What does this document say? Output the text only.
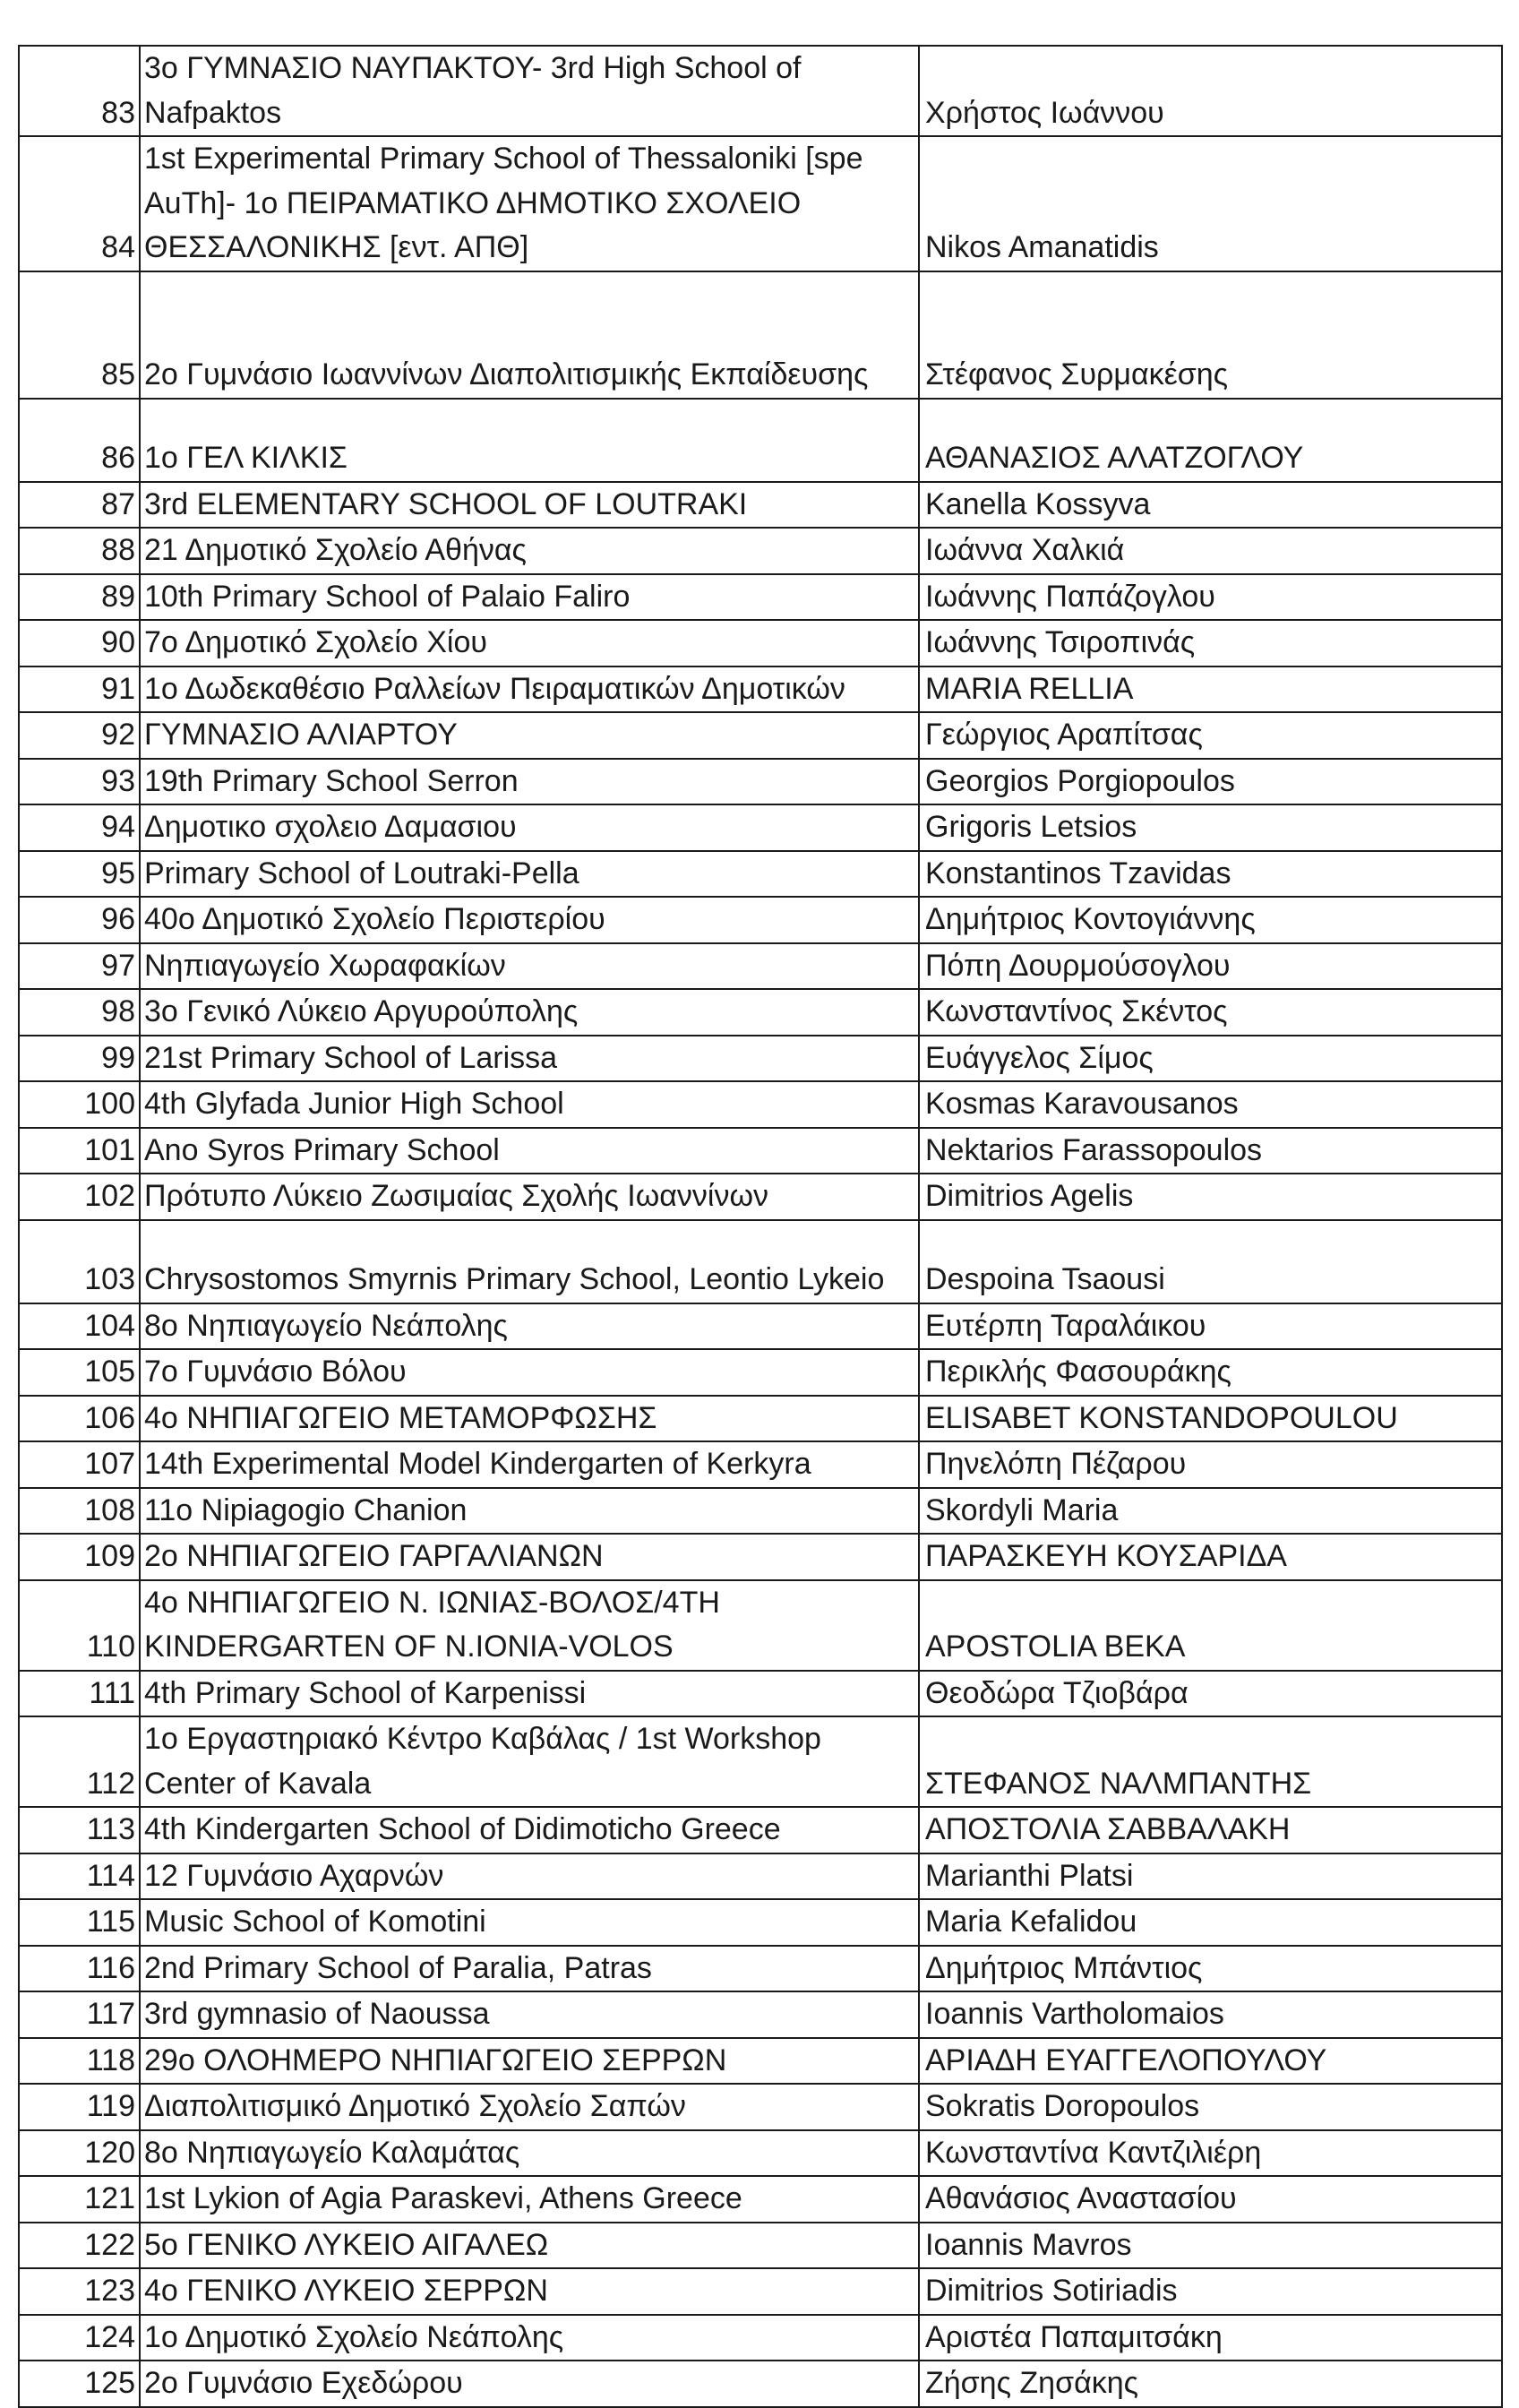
83	3ο ΓΥΜΝΑΣΙΟ ΝΑΥΠΑΚΤΟΥ- 3rd High School of Nafpaktos	Χρήστος Ιωάννου
84	1st Experimental Primary School of Thessaloniki [spe AuTh]- 1ο ΠΕΙΡΑΜΑΤΙΚΟ ΔΗΜΟΤΙΚΟ ΣΧΟΛΕΙΟ ΘΕΣΣΑΛΟΝΙΚΗΣ [εντ. ΑΠΘ]	Nikos Amanatidis
85	2ο Γυμνάσιο Ιωαννίνων Διαπολιτισμικής Εκπαίδευσης	Στέφανος Συρμακέσης
86	1ο ΓΕΛ ΚΙΛΚΙΣ	ΑΘΑΝΑΣΙΟΣ ΑΛΑΤΖΟΓΛΟΥ
87	3rd ELEMENTARY SCHOOL OF LOUTRAKI	Kanella Kossyva
88	21 Δημοτικό Σχολείο Αθήνας	Ιωάννα Χαλκιά
89	10th Primary School of Palaio Faliro	Ιωάννης Παπάζογλου
90	7ο Δημοτικό Σχολείο Χίου	Ιωάννης Τσιροπινάς
91	1ο Δωδεκαθέσιο Ραλλείων Πειραματικών Δημοτικών	MARIA RELLIA
92	ΓΥΜΝΑΣΙΟ ΑΛΙΑΡΤΟΥ	Γεώργιος Αραπίτσας
93	19th Primary School Serron	Georgios Porgiopoulos
94	Δημοτικο σχολειο Δαμασιου	Grigoris Letsios
95	Primary School of Loutraki-Pella	Konstantinos Tzavidas
96	40ο Δημοτικό Σχολείο Περιστερίου	Δημήτριος Κοντογιάννης
97	Νηπιαγωγείο Χωραφακίων	Πόπη Δουρμούσογλου
98	3ο Γενικό Λύκειο Αργυρούπολης	Κωνσταντίνος Σκέντος
99	21st Primary School of Larissa	Ευάγγελος Σίμος
100	4th Glyfada Junior High School	Kosmas Karavousanos
101	Ano Syros Primary School	Nektarios Farassopoulos
102	Πρότυπο Λύκειο Ζωσιμαίας Σχολής Ιωαννίνων	Dimitrios Agelis
103	Chrysostomos Smyrnis Primary School, Leontio Lykeio	Despoina Tsaousi
104	8ο Νηπιαγωγείο Νεάπολης	Ευτέρπη Ταραλάικου
105	7ο Γυμνάσιο Βόλου	Περικλής Φασουράκης
106	4ο ΝΗΠΙΑΓΩΓΕΙΟ ΜΕΤΑΜΟΡΦΩΣΗΣ	ELISABET KONSTANDOPOULOU
107	14th Experimental Model Kindergarten of Kerkyra	Πηνελόπη Πέζαρου
108	11ο Nipiagogio Chanion	Skordyli Maria
109	2ο ΝΗΠΙΑΓΩΓΕΙΟ ΓΑΡΓΑΛΙΑΝΩΝ	ΠΑΡΑΣΚΕΥΗ ΚΟΥΣΑΡΙΔΑ
110	4ο ΝΗΠΙΑΓΩΓΕΙΟ Ν. ΙΩΝΙΑΣ-ΒΟΛΟΣ/4ΤΗ KINDERGARTEN OF N.IONIA-VOLOS	APOSTOLIA BEKA
111	4th Primary School of Karpenissi	Θεοδώρα Τζιοβάρα
112	1ο Εργαστηριακό Κέντρο Καβάλας / 1st Workshop Center of Kavala	ΣΤΕΦΑΝΟΣ ΝΑΛΜΠΑΝΤΗΣ
113	4th Kindergarten School of Didimoticho Greece	ΑΠΟΣΤΟΛΙΑ ΣΑΒΒΑΛΑΚΗ
114	12 Γυμνάσιο Αχαρνών	Marianthi Platsi
115	Music School of Komotini	Maria Kefalidou
116	2nd Primary School of Paralia, Patras	Δημήτριος Μπάντιος
117	3rd gymnasio of Naoussa	Ioannis Vartholomaios
118	29ο ΟΛΟΗΜΕΡΟ ΝΗΠΙΑΓΩΓΕΙΟ ΣΕΡΡΩΝ	ΑΡΙΑΔΗ ΕΥΑΓΓΕΛΟΠΟΥΛΟΥ
119	Διαπολιτισμικό Δημοτικό Σχολείο Σαπών	Sokratis Doropoulos
120	8ο Νηπιαγωγείο Καλαμάτας	Κωνσταντίνα Καντζιλιέρη
121	1st Lykion of Agia Paraskevi, Athens Greece	Αθανάσιος Αναστασίου
122	5ο ΓΕΝΙΚΟ ΛΥΚΕΙΟ ΑΙΓΑΛΕΩ	Ioannis Mavros
123	4ο ΓΕΝΙΚΟ ΛΥΚΕΙΟ ΣΕΡΡΩΝ	Dimitrios Sotiriadis
124	1ο Δημοτικό Σχολείο Νεάπολης	Αριστέα Παπαμιτσάκη
125	2ο Γυμνάσιο Εχεδώρου	Ζήσης Ζησάκης
